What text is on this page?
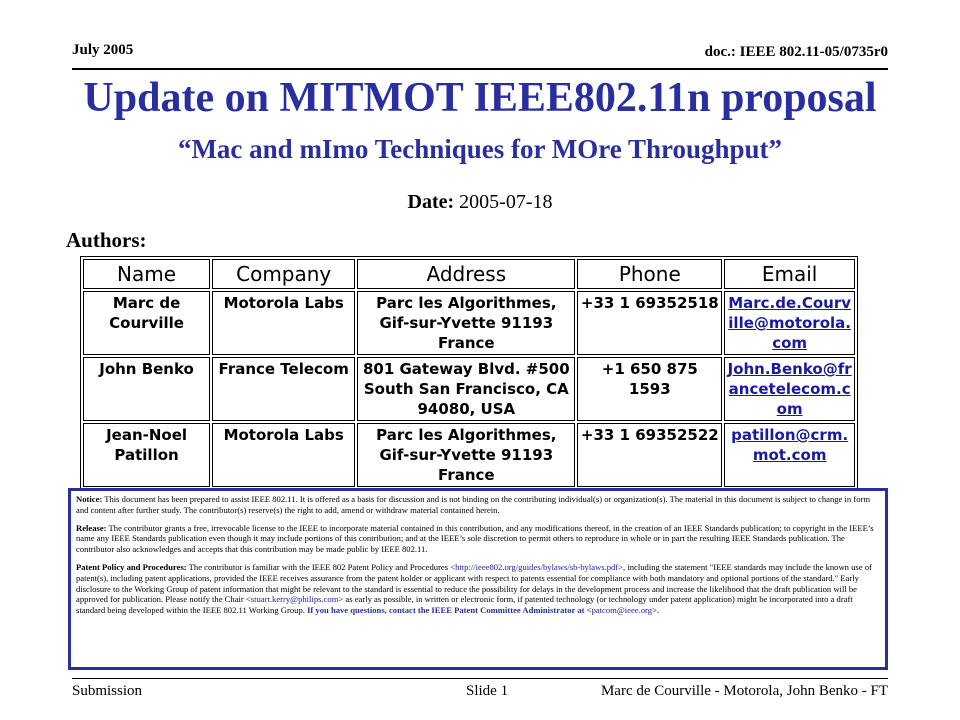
July 2005	doc.: IEEE 802.11-05/0735r0
Update on MITMOT IEEE802.11n proposal
“Mac and mImo Techniques for MOre Throughput”
Date: 2005-07-18
Authors:
Name	Company	Address	Phone	Email
Marc de Courville	Motorola Labs	Parc les Algorithmes, Gif-sur-Yvette 91193 France	+33 1 69352518	Marc.de.Courville@motorola.com
John Benko	France Telecom	801 Gateway Blvd. #500 South San Francisco, CA 94080, USA	+1 650 875 1593	John.Benko@francetelecom.com
Jean-Noel Patillon	Motorola Labs	Parc les Algorithmes, Gif-sur-Yvette 91193 France	+33 1 69352522	patillon@crm.mot.com

Notice: This document has been prepared to assist IEEE 802.11. It is offered as a basis for discussion and is not binding on the contributing individual(s) or organization(s). The material in this document is subject to change in form and content after further study. The contributor(s) reserve(s) the right to add, amend or withdraw material contained herein.

Release: The contributor grants a free, irrevocable license to the IEEE to incorporate material contained in this contribution, and any modifications thereof, in the creation of an IEEE Standards publication; to copyright in the IEEE’s name any IEEE Standards publication even though it may include portions of this contribution; and at the IEEE’s sole discretion to permit others to reproduce in whole or in part the resulting IEEE Standards publication. The contributor also acknowledges and accepts that this contribution may be made public by IEEE 802.11.

Patent Policy and Procedures: The contributor is familiar with the IEEE 802 Patent Policy and Procedures <http://ieee802.org/guides/bylaws/sb-bylaws.pdf>, including the statement "IEEE standards may include the known use of patent(s), including patent applications, provided the IEEE receives assurance from the patent holder or applicant with respect to patents essential for compliance with both mandatory and optional portions of the standard." Early disclosure to the Working Group of patent information that might be relevant to the standard is essential to reduce the possibility for delays in the development process and increase the likelihood that the draft publication will be approved for publication. Please notify the Chair <stuart.kerry@philips.com> as early as possible, in written or electronic form, if patented technology (or technology under patent application) might be incorporated into a draft standard being developed within the IEEE 802.11 Working Group. If you have questions, contact the IEEE Patent Committee Administrator at <patcom@ieee.org>.

Submission	Slide 1	Marc de Courville - Motorola, John Benko - FT
